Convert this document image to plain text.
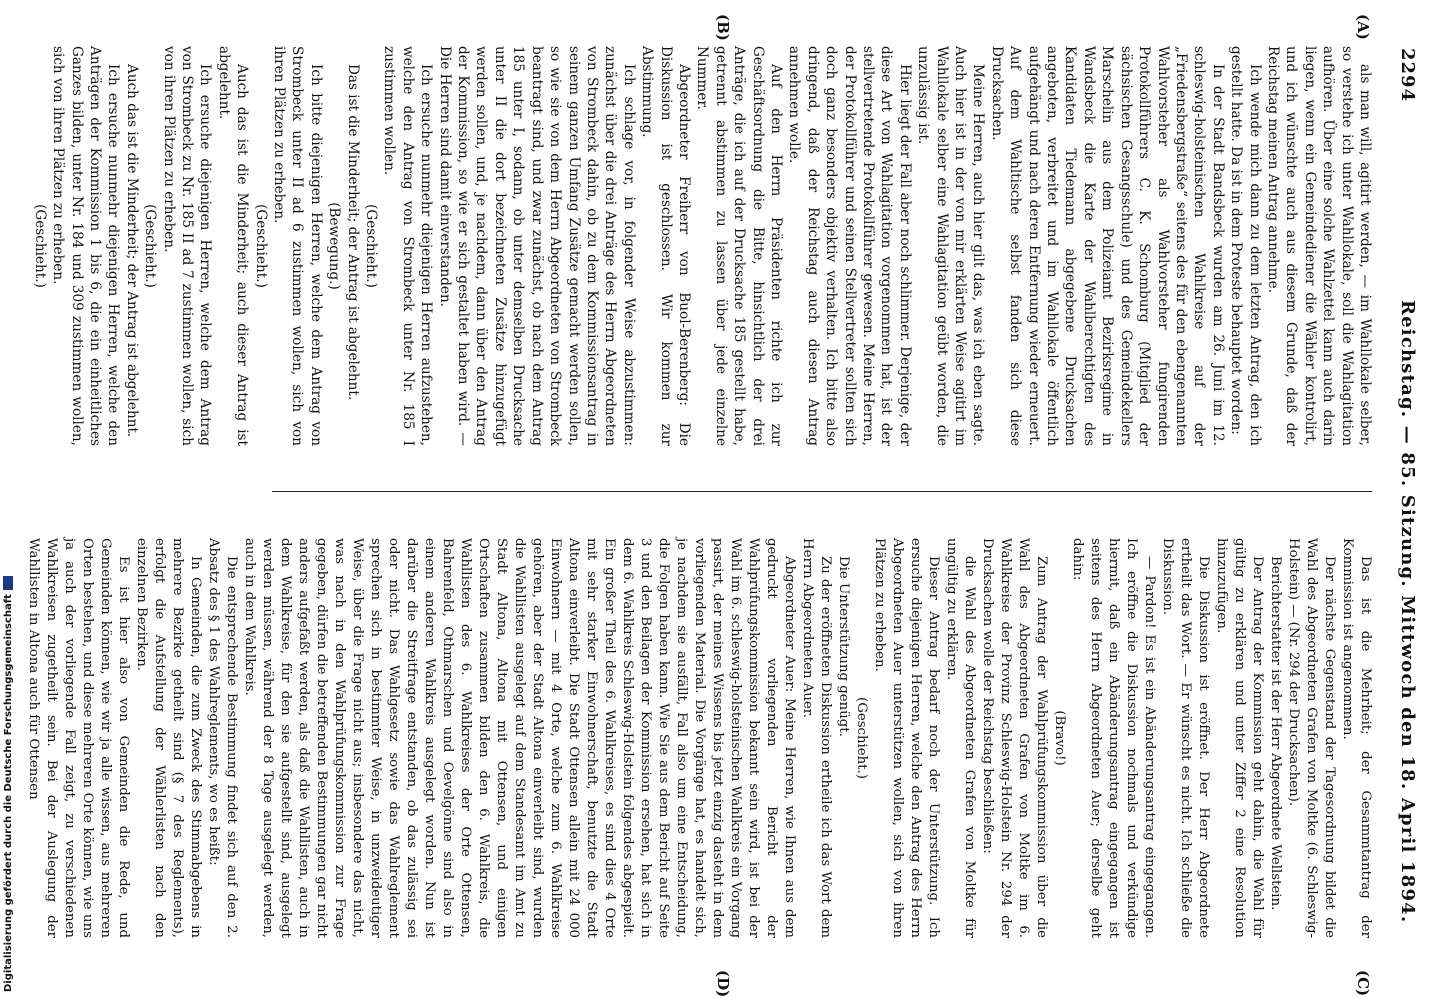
2294
Reichstag. — 85. Sitzung. Mittwoch den 18. April 1894.
(A)
(B)
(C)
(D)

als man will, agitirt werden, — im Wahllokale selber, so verstehe ich unter Wahllokale, soll die Wahlagitation aufhören. Über eine solche Wahlzettel kann auch darin liegen, wenn ein Gemeindediener die Wähler kontrolirt, und ich wünschte auch aus diesem Grunde, daß der Reichstag meinen Antrag annehme.

Ich wende mich dann zu dem letzten Antrag, den ich gestellt hatte. Da ist in dem Proteste behauptet worden:

In der Stadt Bandsbeck wurden am 26. Juni im 12. schleswig-holsteinischen Wahlkreise auf der „Friedensbergstraße“ seitens des für den ebengenannten Wahlvorsteher als Wahlvorsteher fungirenden Protokollführers C. K. Schomburg (Mitglied der sächsischen Gesangsschule) und des Gemeindekellers Marschelin aus dem Polizeiamt Bezirksregime in Wandsbeck die Karte der Wahlberechtigten des Kandidaten Tiedemann abgegebene Drucksachen angeboten, verbreitet und im Wahllokale öffentlich aufgehängt und nach deren Entfernung wieder erneuert. Auf dem Wahltische selbst fanden sich diese Drucksachen.

Meine Herren, auch hier gilt das, was ich eben sagte. Auch hier ist in der von mir erklärten Weise agitirt im Wahllokale selber eine Wahlagitation geübt worden, die unzulässig ist.

Hier liegt der Fall aber noch schlimmer. Derjenige, der diese Art von Wahlagitation vorgenommen hat, ist der stellvertretende Protokollführer gewesen. Meine Herren, der Protokollführer und seinen Stellvertreter sollten sich doch ganz besonders objektiv verhalten. Ich bitte also dringend, daß der Reichstag auch diesen Antrag annehmen wolle.

Auf den Herrn Präsidenten richte ich zur Geschäftsordnung die Bitte, hinsichtlich der drei Anträge, die ich auf der Drucksache 185 gestellt habe, getrennt abstimmen zu lassen über jede einzelne Nummer.

Abgeordneter Freiherr von Buol-Berenberg: Die Diskussion ist geschlossen. Wir kommen zur Abstimmung.

Ich schlage vor, in folgender Weise abzustimmen: zunächst über die drei Anträge des Herrn Abgeordneten von Strombeck dahin, ob zu dem Kommissionsantrag in seinem ganzen Umfang Zusätze gemacht werden sollen, so wie sie von dem Herrn Abgeordneten von Strombeck beantragt sind, und zwar zunächst, ob nach dem Antrag 185 unter I, sodann, ob unter demselben Drucksache unter II die dort bezeichneten Zusätze hinzugefügt werden sollen, und, je nachdem, dann über den Antrag der Kommission, so wie er sich gestaltet haben wird. — Die Herren sind damit einverstanden.

Ich ersuche nunmehr diejenigen Herren aufzustehen, welche den Antrag von Strombeck unter Nr. 185 I zustimmen wollen.

(Geschieht.)

Das ist die Minderheit; der Antrag ist abgelehnt.

(Bewegung.)

Ich bitte diejenigen Herren, welche dem Antrag von Strombeck unter II ad 6 zustimmen wollen, sich von ihren Plätzen zu erheben.

(Geschieht.)

Auch das ist die Minderheit; auch dieser Antrag ist abgelehnt.

Ich ersuche diejenigen Herren, welche dem Antrag von Strombeck zu Nr. 185 II ad 7 zustimmen wollen, sich von ihren Plätzen zu erheben.

(Geschieht.)

Auch das ist die Minderheit; der Antrag ist abgelehnt.

Ich ersuche nunmehr diejenigen Herren, welche den Anträgen der Kommission 1 bis 6, die ein einheitliches Ganzes bilden, unter Nr. 184 und 309 zustimmen wollen, sich von ihren Plätzen zu erheben.

(Geschieht.)

Das ist die Mehrheit; der Gesammtantrag der Kommission ist angenommen.

Der nächste Gegenstand der Tagesordnung bildet die Wahl des Abgeordneten Grafen von Moltke (6. Schleswig-Holstein) — (Nr. 294 der Drucksachen).

Berichterstatter ist der Herr Abgeordnete Wellstein.

Der Antrag der Kommission geht dahin, die Wahl für gültig zu erklären und unter Ziffer 2 eine Resolution hinzuzufügen.

Die Diskussion ist eröffnet. Der Herr Abgeordnete ertheilt das Wort. — Er wünscht es nicht. Ich schließe die Diskussion.

— Pardon! Es ist ein Abänderungsantrag eingegangen. Ich eröffne die Diskussion nochmals und verkündige hiermit, daß ein Abänderungsantrag eingegangen ist seitens des Herrn Abgeordneten Auer; derselbe geht dahin:

(Bravo!)

Zum Antrag der Wahlprüfungskommission über die Wahl des Abgeordneten Grafen von Moltke im 6. Wahlkreise der Provinz Schleswig-Holstein Nr. 294 der Drucksachen wolle der Reichstag beschließen:

die Wahl des Abgeordneten Grafen von Moltke für ungültig zu erklären.

Dieser Antrag bedarf noch der Unterstützung. Ich ersuche diejenigen Herren, welche den Antrag des Herrn Abgeordneten Auer unterstützen wollen, sich von ihren Plätzen zu erheben.

(Geschieht.)

Die Unterstützung genügt.

Zu der eröffneten Diskussion ertheile ich das Wort dem Herrn Abgeordneten Auer.

Abgeordneter Auer: Meine Herren, wie Ihnen aus dem gedruckt vorliegenden Bericht der Wahlprüfungskommission bekannt sein wird, ist bei der Wahl im 6. schleswig-holsteinischen Wahlkreis ein Vorgang passirt, der meines Wissens bis jetzt einzig dasteht in dem vorliegenden Material. Die Vorgänge hat, es handelt sich, je nachdem sie ausfällt, Fall also um eine Entscheidung, die Folgen haben kann. Wie Sie aus dem Bericht auf Seite 3 und den Beilagen der Kommission ersehen, hat sich in dem 6. Wahlkreis Schleswig-Holstein folgendes abgespielt. Ein großer Theil des 6. Wahlkreises, es sind dies 4 Orte mit sehr starker Einwohnerschaft, benutzte die Stadt Altona einverleibt. Die Stadt Ottensen allein mit 24 000 Einwohnern — mit 4 Orte, welche zum 6. Wahlkreise gehören, aber der Stadt Altona einverleibt sind, wurden die Wahllisten ausgelegt auf dem Standesamt im Amt zu Stadt Altona, Altona mit Ottensen, und einigen Ortschaften zusammen bilden den 6. Wahlkreis, die Wahllisten des 6. Wahlkreises der Orte Ottensen, Bahrenfeld, Othmarschen und Oevelgönne sind also in einem anderen Wahlkreis ausgelegt worden. Nun ist darüber die Streitfrage entstanden, ob das zulässig sei oder nicht. Das Wahlgesetz sowie das Wahlreglement sprechen sich in bestimmter Weise, in unzweideutiger Weise, über die Frage nicht aus; insbesondere das nicht, was nach in den Wahlprüfungskommission zur Frage gegeben, dürfen die betreffenden Bestimmungen gar nicht anders aufgefaßt werden, als daß die Wahllisten, auch in dem Wahlkreise, für den sie aufgestellt sind, ausgelegt werden müssen, während der 8 Tage ausgelegt werden, auch in dem Wahlkreis.

Die entsprechende Bestimmung findet sich auf den 2. Absatz des § 1 des Wahlreglements, wo es heißt:

In Gemeinden, die zum Zweck des Stimmabgebens in mehrere Bezirke getheilt sind (§ 7 des Reglements), erfolgt die Aufstellung der Wählerlisten nach den einzelnen Bezirken.

Es ist hier also von Gemeinden die Rede, und Gemeinden können, wie wir ja alle wissen, aus mehreren Orten bestehen, und diese mehreren Orte können, wie uns ja auch der vorliegende Fall zeigt, zu verschiedenen Wahlkreisen zugetheilt sein. Bei der Auslegung der Wahllisten in Altona auch für Ottensen

Digitalisierung gefördert durch die Deutsche Forschungsgemeinschaft
